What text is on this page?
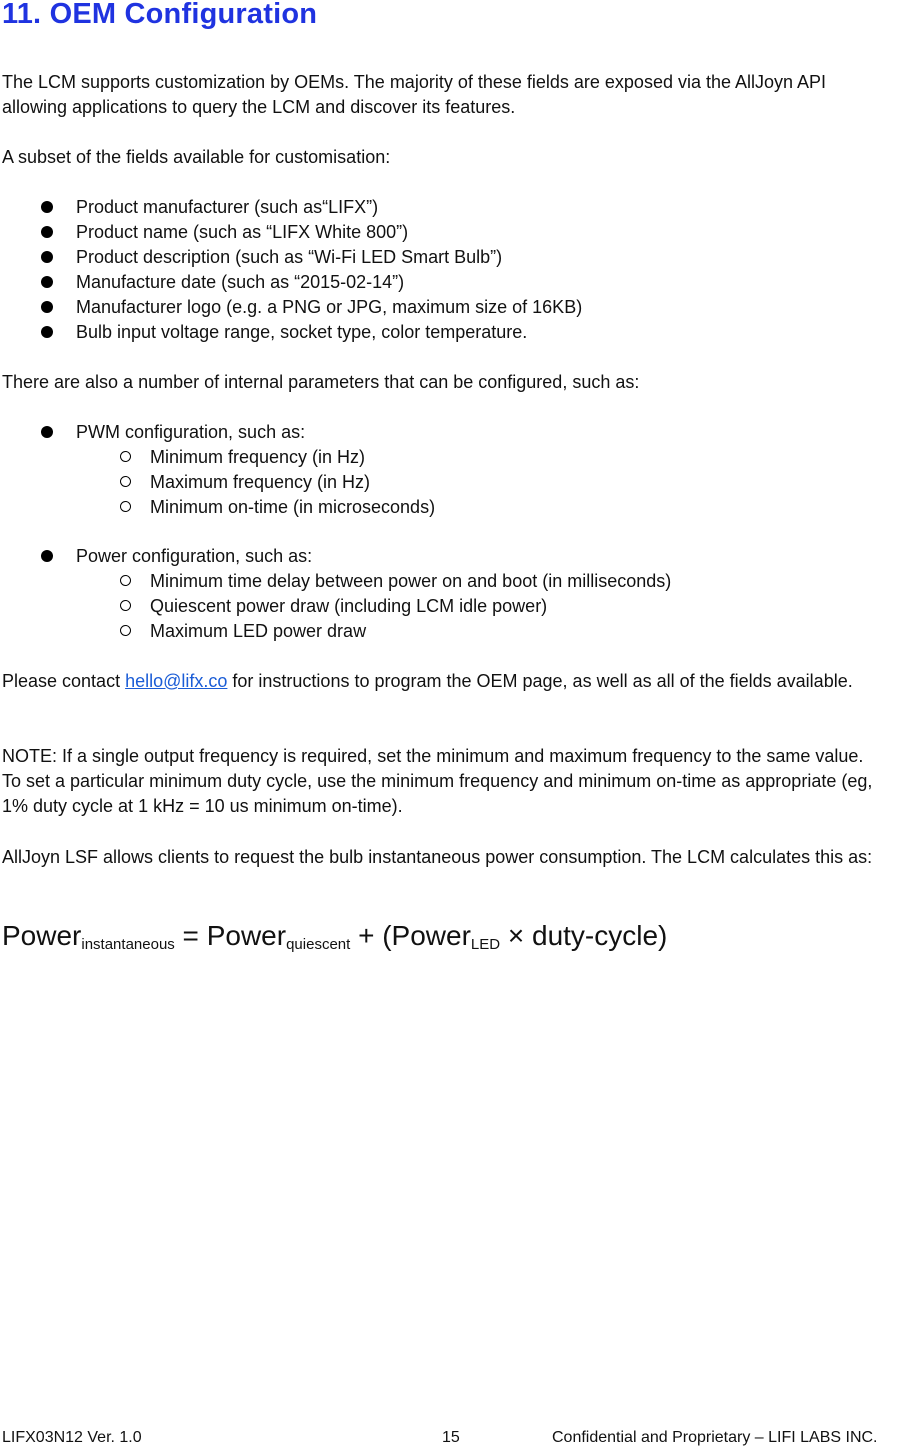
11. OEM Configuration

The LCM supports customization by OEMs. The majority of these fields are exposed via the AllJoyn API allowing applications to query the LCM and discover its features.

A subset of the fields available for customisation:

Product manufacturer (such as“LIFX”)
Product name (such as “LIFX White 800”)
Product description (such as “Wi-Fi LED Smart Bulb”)
Manufacture date (such as “2015-02-14”)
Manufacturer logo (e.g. a PNG or JPG, maximum size of 16KB)
Bulb input voltage range, socket type, color temperature.

There are also a number of internal parameters that can be configured, such as:

PWM configuration, such as:
Minimum frequency (in Hz)
Maximum frequency (in Hz)
Minimum on-time (in microseconds)
Power configuration, such as:
Minimum time delay between power on and boot (in milliseconds)
Quiescent power draw (including LCM idle power)
Maximum LED power draw

Please contact hello@lifx.co for instructions to program the OEM page, as well as all of the fields available.

NOTE: If a single output frequency is required, set the minimum and maximum frequency to the same value. To set a particular minimum duty cycle, use the minimum frequency and minimum on-time as appropriate (eg, 1% duty cycle at 1 kHz = 10 us minimum on-time).

AllJoyn LSF allows clients to request the bulb instantaneous power consumption. The LCM calculates this as:

Power$_{instantaneous}$ = Power$_{quiescent}$ + (Power$_{LED}$ × duty-cycle)
LIFX03N12 Ver. 1.0	15	Confidential and Proprietary – LIFI LABS INC.
